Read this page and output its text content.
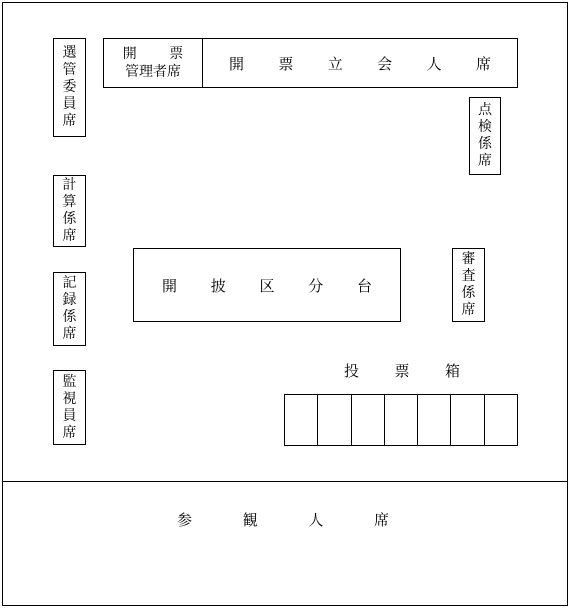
選
管
委
員
席
開 票
管理者席	開 票 立 会 人 席
点
検
係
席
計
算
係
席
記
録
係
席
審
査
係
席
開 披 区 分 台
監
視
員
席
投 票 箱
参	観	人	席
